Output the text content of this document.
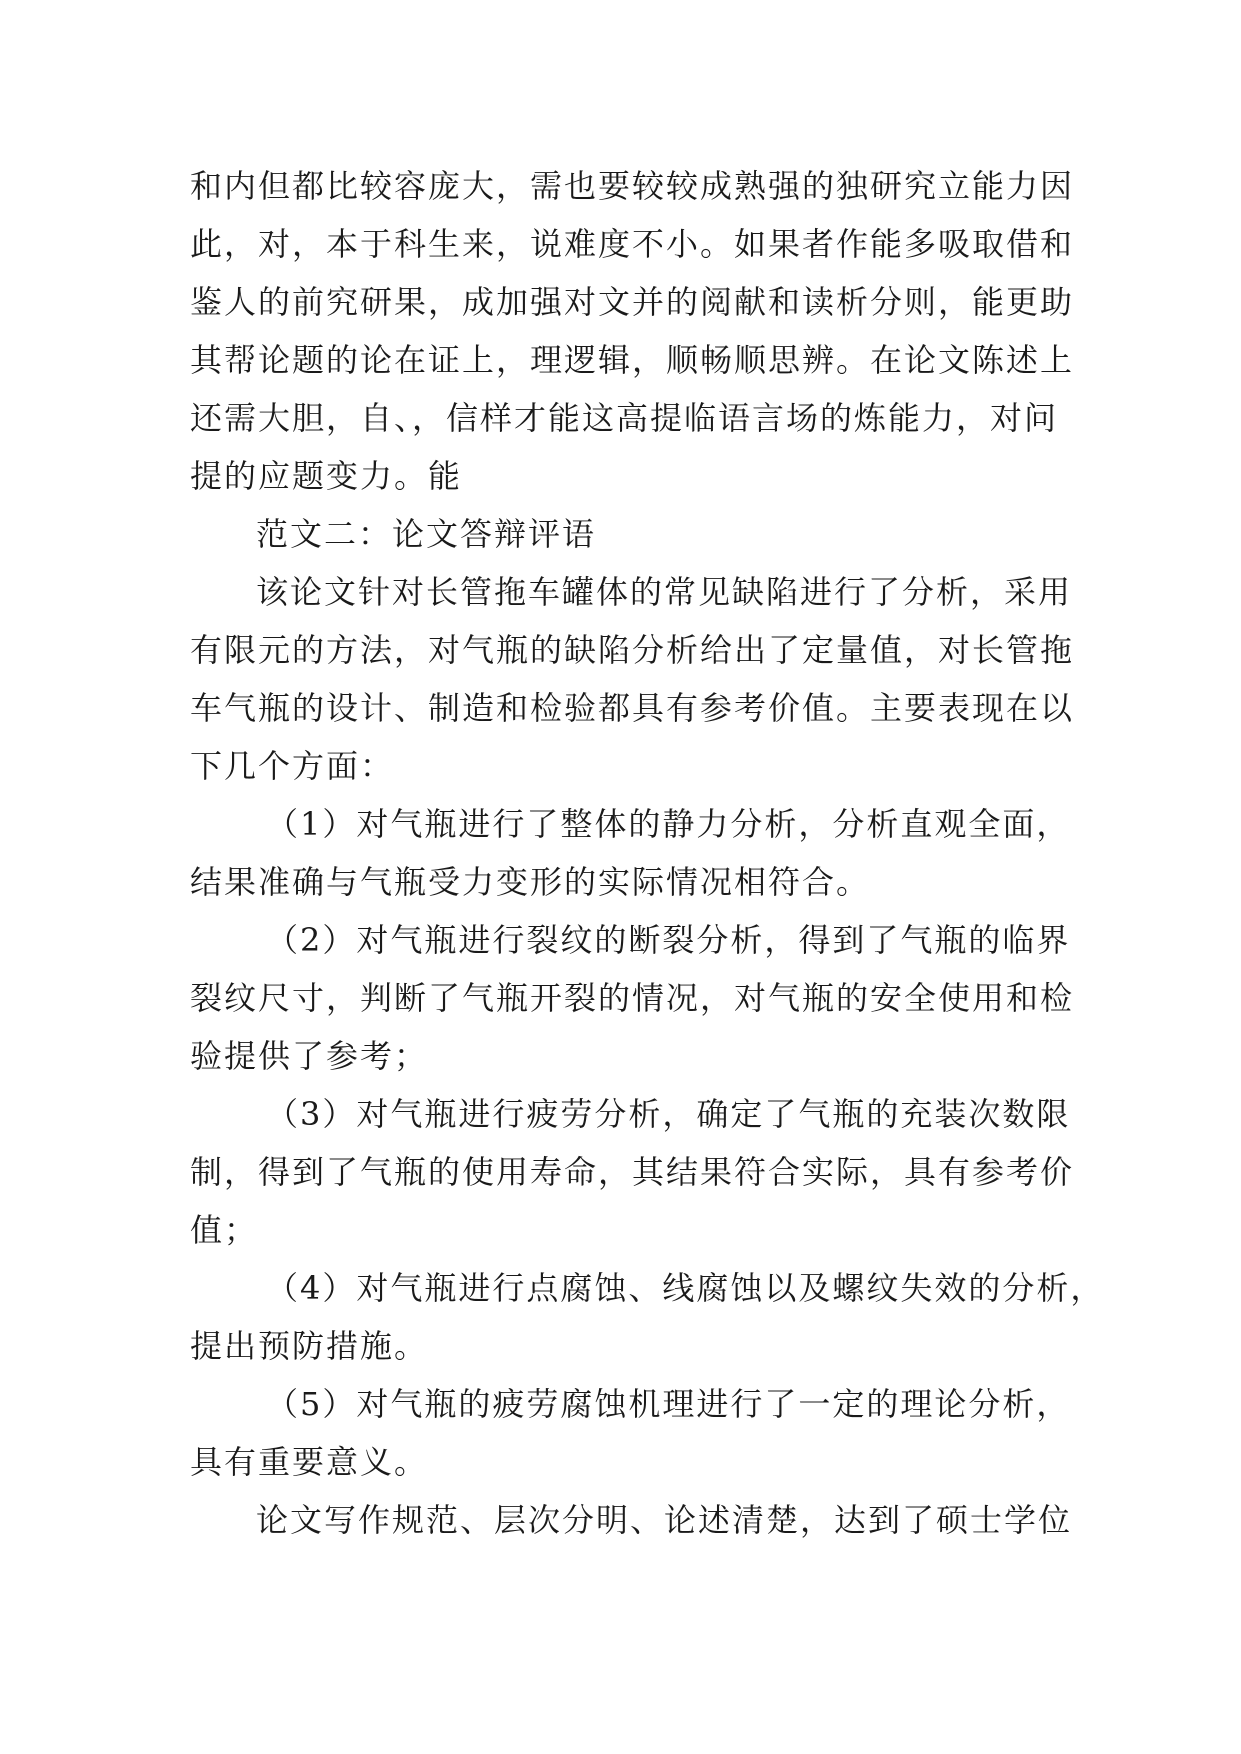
和内但都比较容庞大，需也要较较成熟强的独研究立能力因
此，对，本于科生来，说难度不小。如果者作能多吸取借和
鉴人的前究研果，成加强对文并的阅献和读析分则，能更助
其帮论题的论在证上，理逻辑，顺畅顺思辨。在论文陈述上
还需大胆，自、，信样才能这高提临语言场的炼能力，对问
提的应题变力。能
范文二：论文答辩评语
该论文针对长管拖车罐体的常见缺陷进行了分析，采用
有限元的方法，对气瓶的缺陷分析给出了定量值，对长管拖
车气瓶的设计、制造和检验都具有参考价值。主要表现在以
下几个方面：
（1）对气瓶进行了整体的静力分析，分析直观全面，
结果准确与气瓶受力变形的实际情况相符合。
（2）对气瓶进行裂纹的断裂分析，得到了气瓶的临界
裂纹尺寸，判断了气瓶开裂的情况，对气瓶的安全使用和检
验提供了参考；
（3）对气瓶进行疲劳分析，确定了气瓶的充装次数限
制，得到了气瓶的使用寿命，其结果符合实际，具有参考价
值；
（4）对气瓶进行点腐蚀、线腐蚀以及螺纹失效的分析，
提出预防措施。
（5）对气瓶的疲劳腐蚀机理进行了一定的理论分析，
具有重要意义。
论文写作规范、层次分明、论述清楚，达到了硕士学位
